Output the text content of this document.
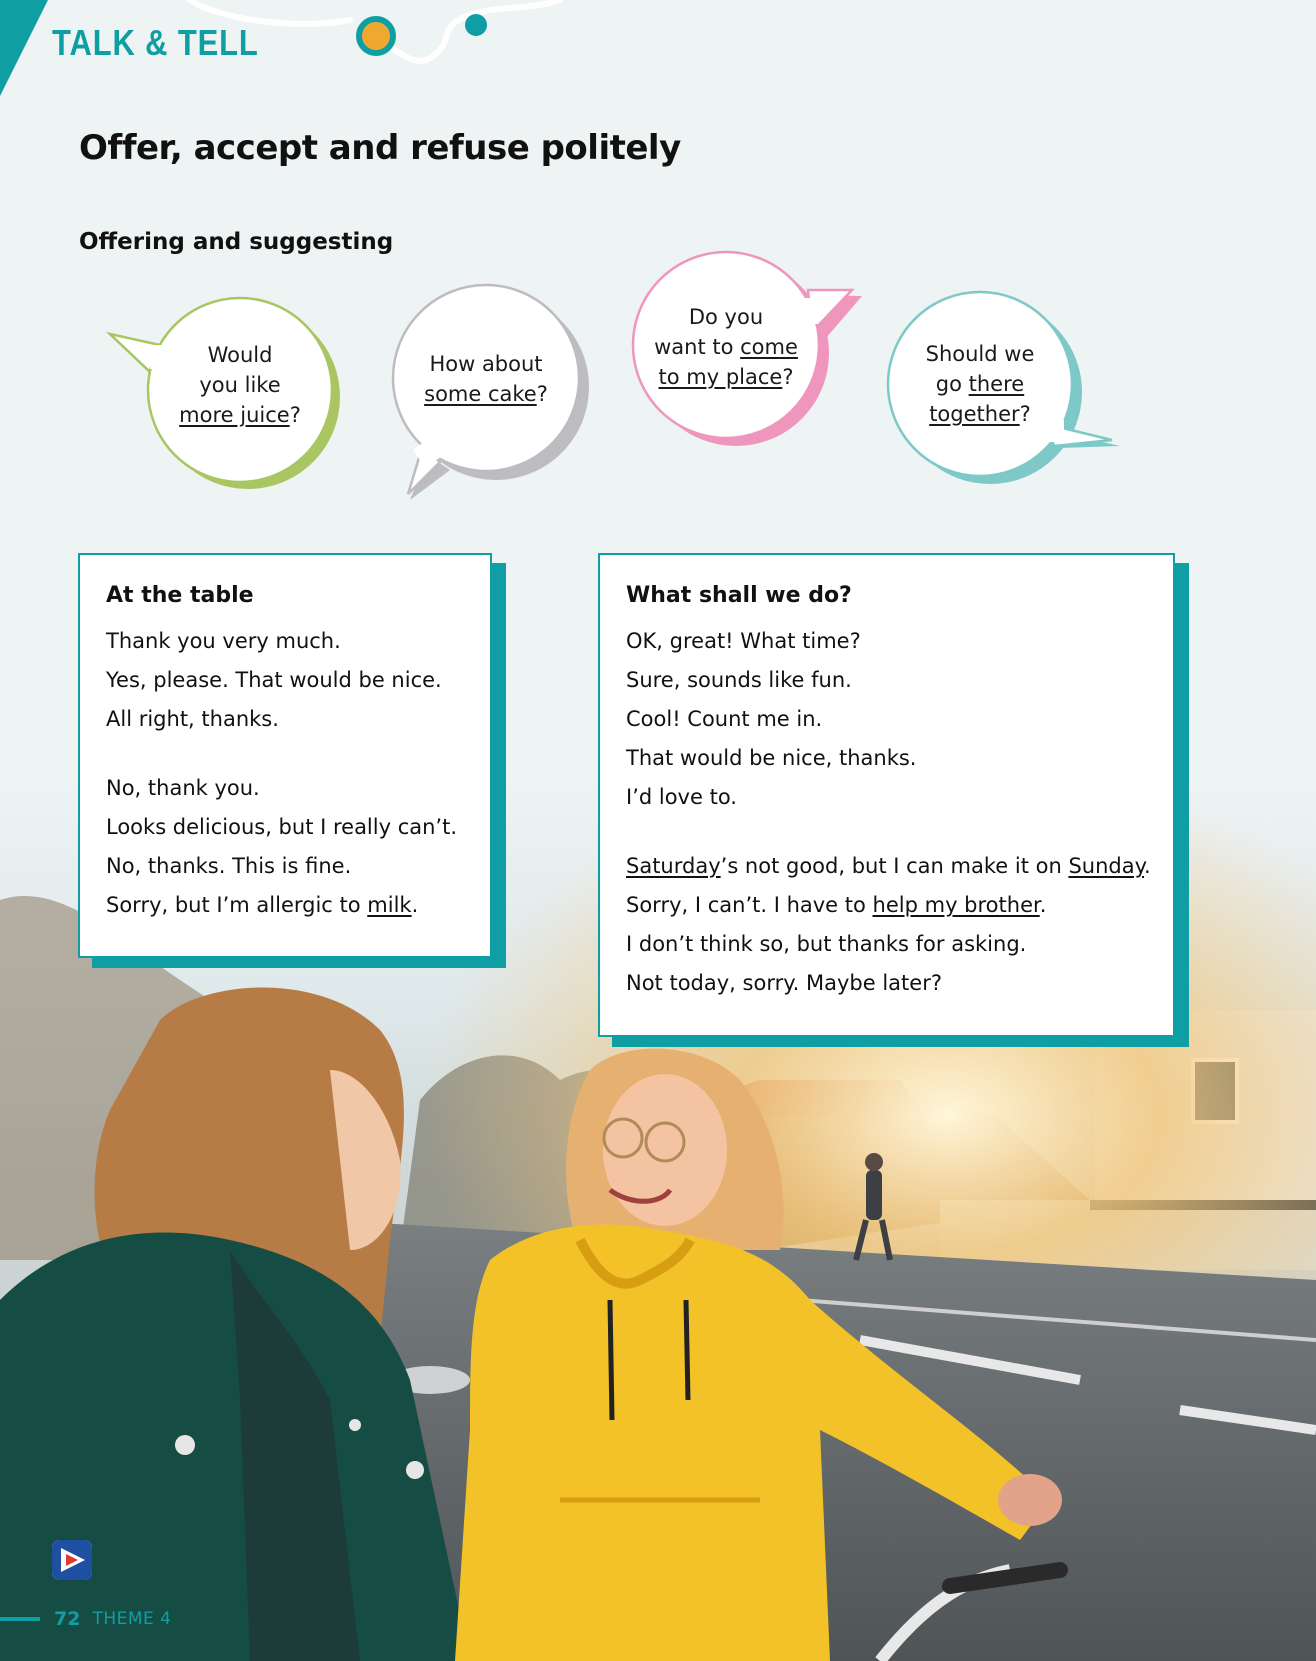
TALK & TELL
Offer, accept and refuse politely
Offering and suggesting
Would
you like
more juice?
How about
some cake?
Do you
want to come
to my place?
Should we
go there
together?
At the table
Thank you very much.
Yes, please. That would be nice.
All right, thanks.
No, thank you.
Looks delicious, but I really can’t.
No, thanks. This is fine.
Sorry, but I’m allergic to milk.
What shall we do?
OK, great! What time?
Sure, sounds like fun.
Cool! Count me in.
That would be nice, thanks.
I’d love to.
Saturday’s not good, but I can make it on Sunday.
Sorry, I can’t. I have to help my brother.
I don’t think so, but thanks for asking.
Not today, sorry. Maybe later?
72 THEME 4
